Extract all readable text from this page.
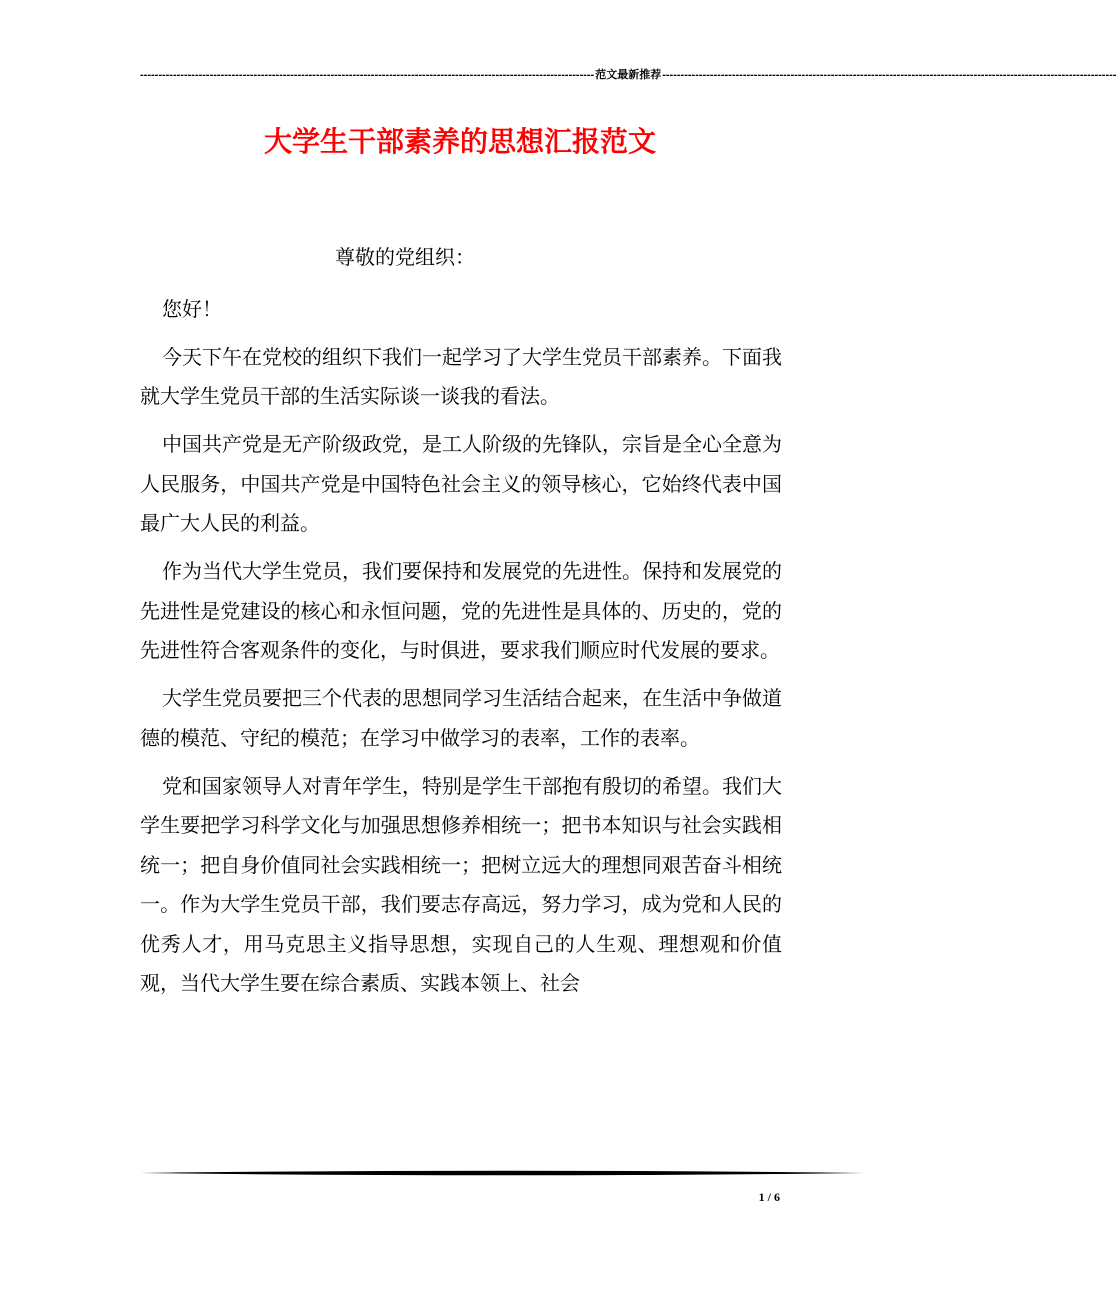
---------------------------------------------------------------------------------------------------------------------------- 范文最新推荐 ----------------------------------------------------------------------------------------------------------------------------
大学生干部素养的思想汇报范文

尊敬的党组织：

您好！

今天下午在党校的组织下我们一起学习了大学生党员干部素养。下面我就大学生党员干部的生活实际谈一谈我的看法。

中国共产党是无产阶级政党，是工人阶级的先锋队，宗旨是全心全意为人民服务，中国共产党是中国特色社会主义的领导核心，它始终代表中国最广大人民的利益。

作为当代大学生党员，我们要保持和发展党的先进性。保持和发展党的先进性是党建设的核心和永恒问题，党的先进性是具体的、历史的，党的先进性符合客观条件的变化，与时俱进，要求我们顺应时代发展的要求。

大学生党员要把三个代表的思想同学习生活结合起来，在生活中争做道德的模范、守纪的模范；在学习中做学习的表率，工作的表率。

党和国家领导人对青年学生，特别是学生干部抱有殷切的希望。我们大学生要把学习科学文化与加强思想修养相统一；把书本知识与社会实践相统一；把自身价值同社会实践相统一；把树立远大的理想同艰苦奋斗相统一。作为大学生党员干部，我们要志存高远，努力学习，成为党和人民的优秀人才，用马克思主义指导思想，实现自己的人生观、理想观和价值观，当代大学生要在综合素质、实践本领上、社会

1 / 6
